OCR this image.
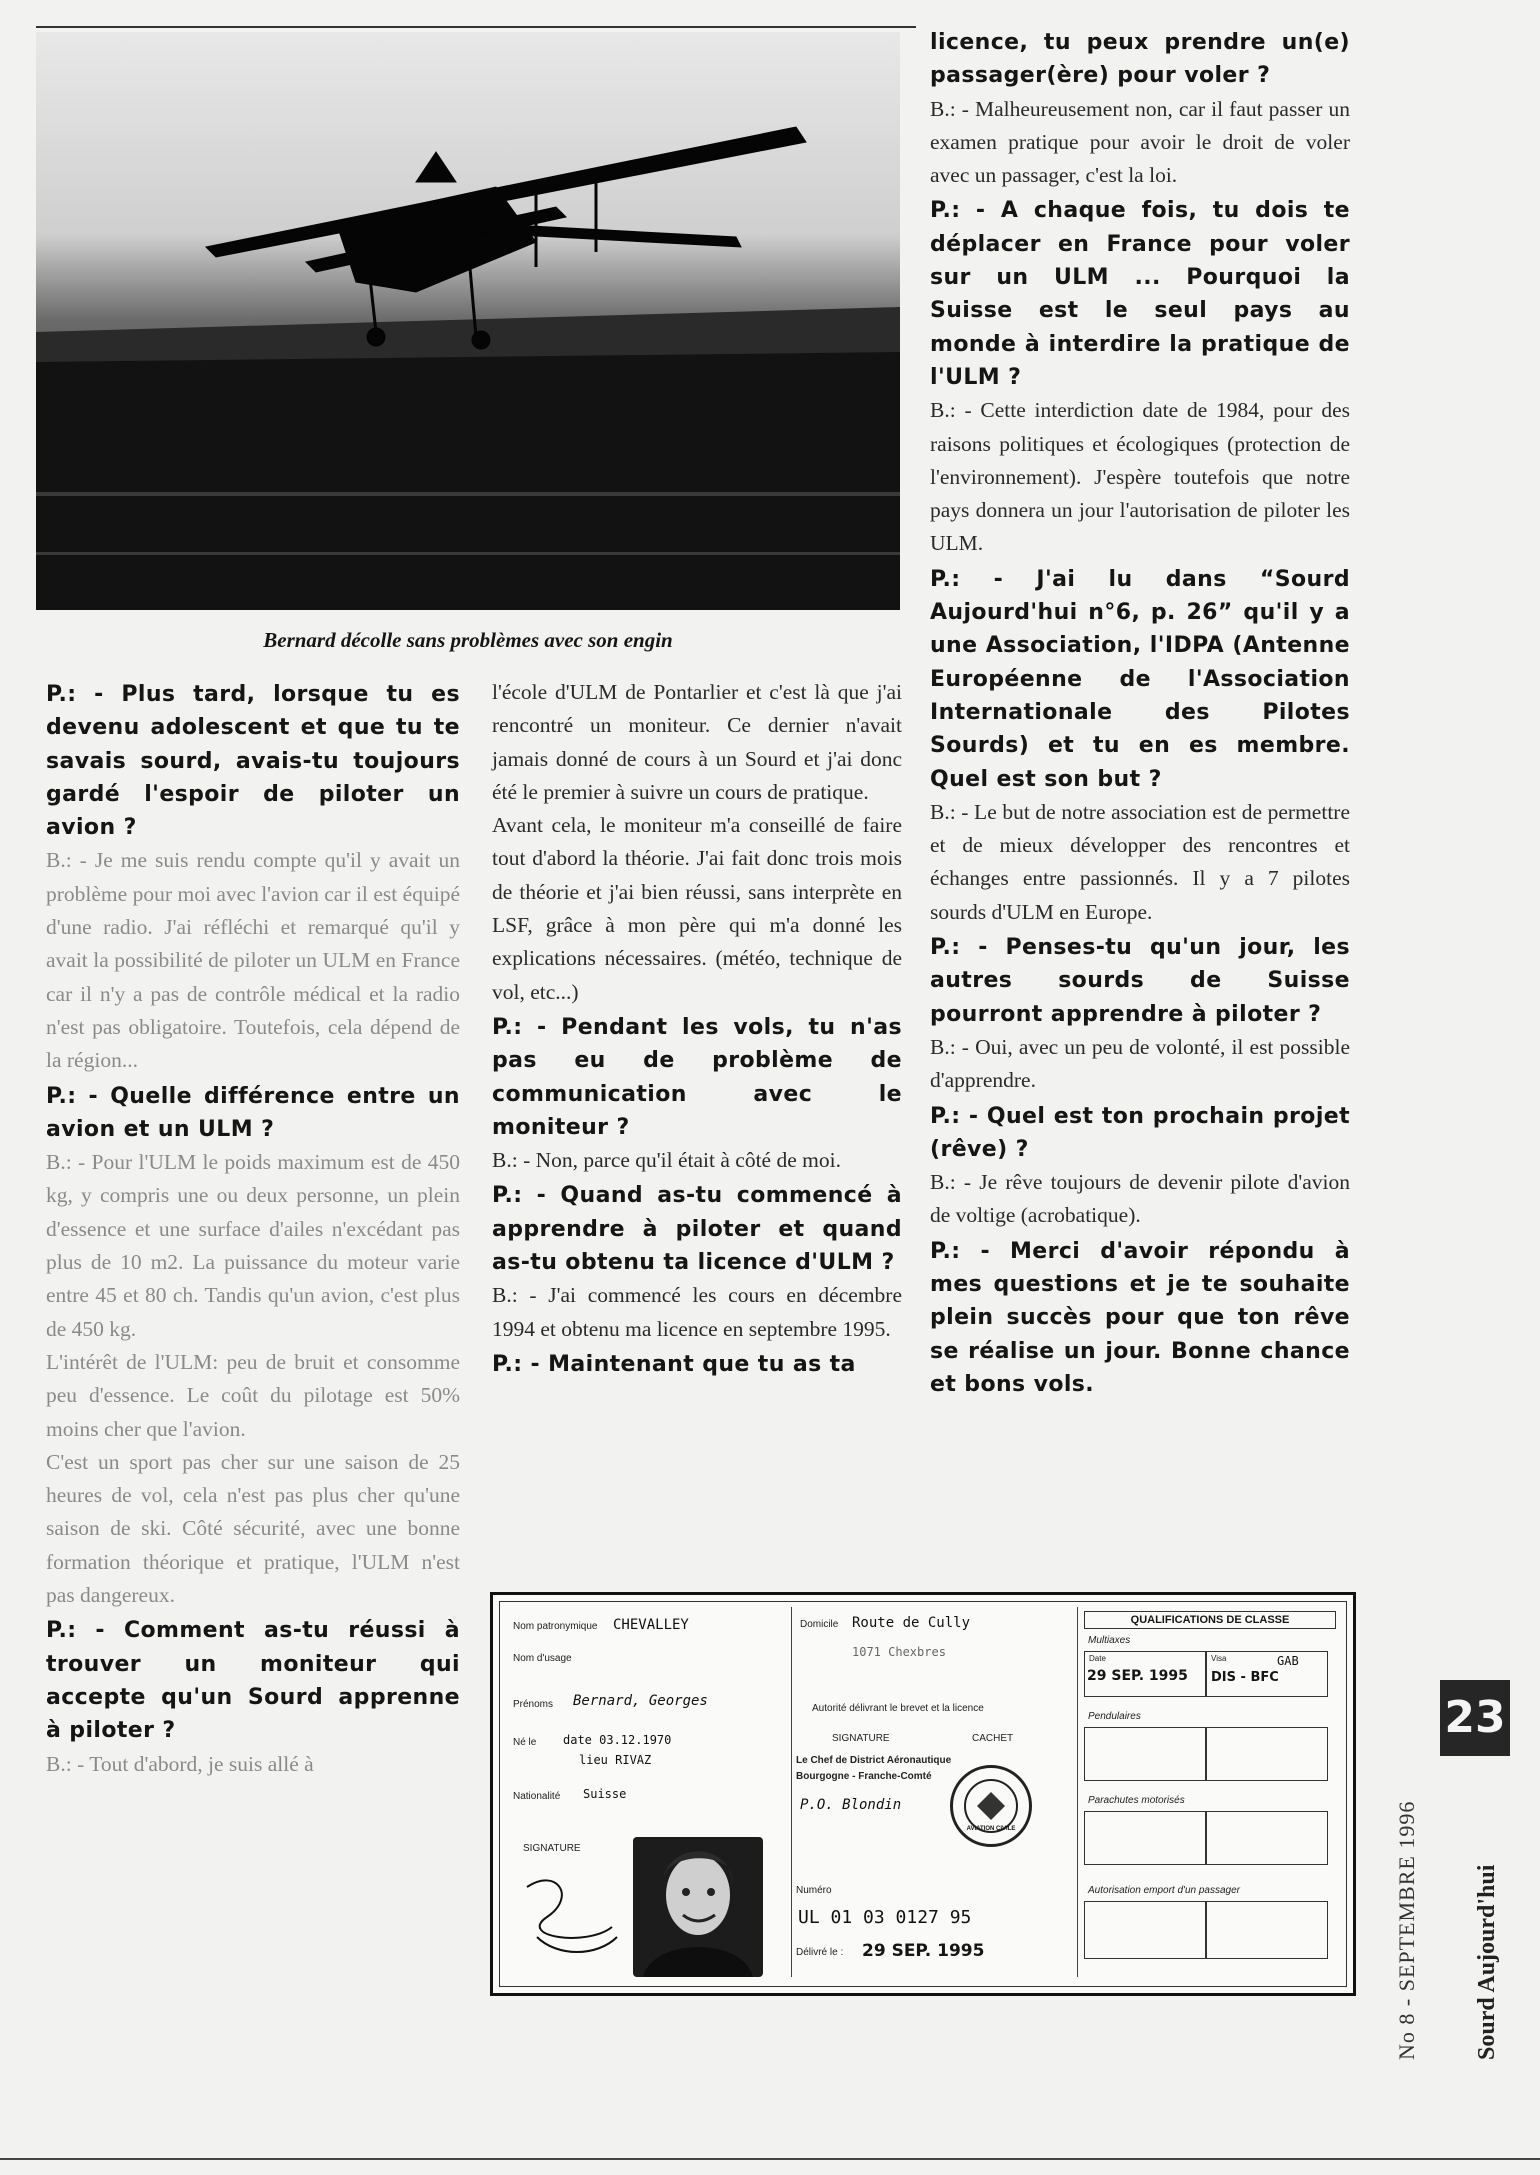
Bernard décolle sans problèmes avec son engin

P.: - Plus tard, lorsque tu es devenu adolescent et que tu te savais sourd, avais-tu toujours gardé l'espoir de piloter un avion ?

B.: - Je me suis rendu compte qu'il y avait un problème pour moi avec l'avion car il est équipé d'une radio. J'ai réfléchi et remarqué qu'il y avait la possibilité de piloter un ULM en France car il n'y a pas de contrôle médical et la radio n'est pas obligatoire. Toutefois, cela dépend de la région...

P.: - Quelle différence entre un avion et un ULM ?

B.: - Pour l'ULM le poids maximum est de 450 kg, y compris une ou deux personne, un plein d'essence et une surface d'ailes n'excédant pas plus de 10 m2. La puissance du moteur varie entre 45 et 80 ch. Tandis qu'un avion, c'est plus de 450 kg.

L'intérêt de l'ULM: peu de bruit et consomme peu d'essence. Le coût du pilotage est 50% moins cher que l'avion.

C'est un sport pas cher sur une saison de 25 heures de vol, cela n'est pas plus cher qu'une saison de ski. Côté sécurité, avec une bonne formation théorique et pratique, l'ULM n'est pas dangereux.

P.: - Comment as-tu réussi à trouver un moniteur qui accepte qu'un Sourd apprenne à piloter ?

B.: - Tout d'abord, je suis allé à

l'école d'ULM de Pontarlier et c'est là que j'ai rencontré un moniteur. Ce dernier n'avait jamais donné de cours à un Sourd et j'ai donc été le premier à suivre un cours de pratique.

Avant cela, le moniteur m'a conseillé de faire tout d'abord la théorie. J'ai fait donc trois mois de théorie et j'ai bien réussi, sans interprète en LSF, grâce à mon père qui m'a donné les explications nécessaires. (météo, technique de vol, etc...)

P.: - Pendant les vols, tu n'as pas eu de problème de communication avec le moniteur ?

B.: - Non, parce qu'il était à côté de moi.

P.: - Quand as-tu commencé à apprendre à piloter et quand as-tu obtenu ta licence d'ULM ?

B.: - J'ai commencé les cours en décembre 1994 et obtenu ma licence en septembre 1995.

P.: - Maintenant que tu as ta

licence, tu peux prendre un(e) passager(ère) pour voler ?

B.: - Malheureusement non, car il faut passer un examen pratique pour avoir le droit de voler avec un passager, c'est la loi.

P.: - A chaque fois, tu dois te déplacer en France pour voler sur un ULM ... Pourquoi la Suisse est le seul pays au monde à interdire la pratique de l'ULM ?

B.: - Cette interdiction date de 1984, pour des raisons politiques et écologiques (protection de l'environnement). J'espère toutefois que notre pays donnera un jour l'autorisation de piloter les ULM.

P.: - J'ai lu dans “Sourd Aujourd'hui n°6, p. 26” qu'il y a une Association, l'IDPA (Antenne Européenne de l'Association Internationale des Pilotes Sourds) et tu en es membre. Quel est son but ?

B.: - Le but de notre association est de permettre et de mieux développer des rencontres et échanges entre passionnés. Il y a 7 pilotes sourds d'ULM en Europe.

P.: - Penses-tu qu'un jour, les autres sourds de Suisse pourront apprendre à piloter ?

B.: - Oui, avec un peu de volonté, il est possible d'apprendre.

P.: - Quel est ton prochain projet (rêve) ?

B.: - Je rêve toujours de devenir pilote d'avion de voltige (acrobatique).

P.: - Merci d'avoir répondu à mes questions et je te souhaite plein succès pour que ton rêve se réalise un jour. Bonne chance et bons vols.

Nom patronymique CHEVALLEY
Nom d'usage
Prénoms Bernard, Georges
Né le date 03.12.1970
lieu RIVAZ
Nationalité Suisse
SIGNATURE
Domicile Route de Cully
1071 Chexbres
Autorité délivrant le brevet et la licence
SIGNATURE	CACHET
Le Chef de District Aéronautique
Bourgogne - Franche-Comté
P.O. Blondin
AVIATION CIVILE
Numéro
UL 01 03 0127 95
Délivré le : 29 SEP. 1995
QUALIFICATIONS DE CLASSE
Multiaxes
Date
29 SEP. 1995
Visa	GAB
DIS - BFC
Pendulaires
Parachutes motorisés
Autorisation emport d'un passager
23
No 8 - SEPTEMBRE 1996 Sourd Aujourd'hui
